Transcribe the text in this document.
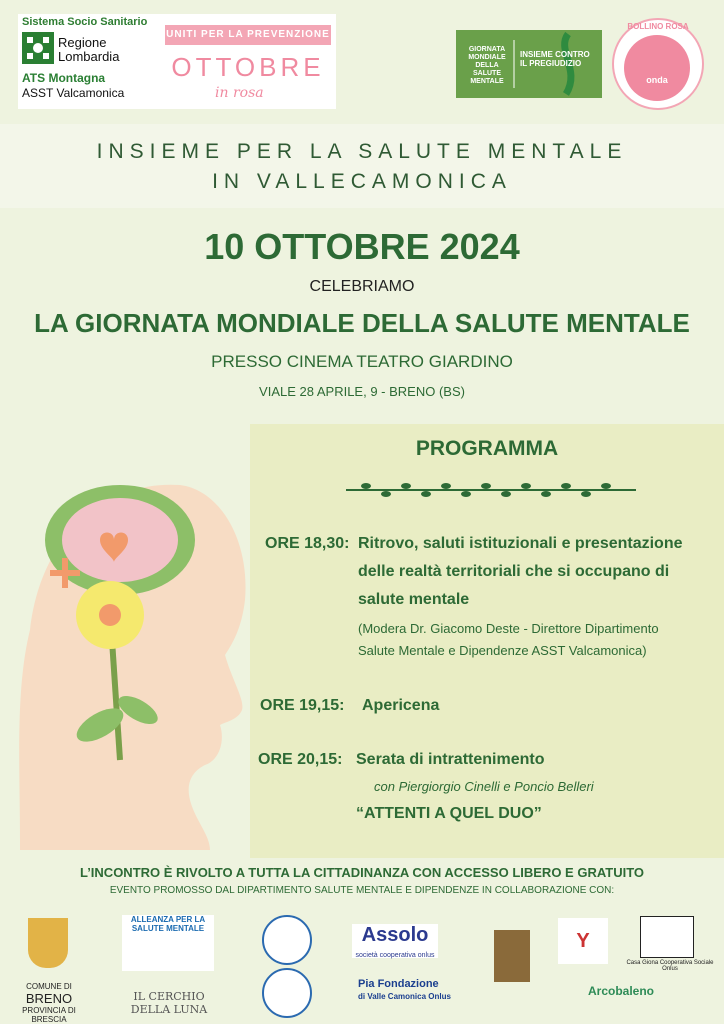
Sistema Socio Sanitario
Regione
Lombardia
ATS Montagna
ASST Valcamonica
UNITI PER LA PREVENZIONE
OTTOBRE
in rosa
GIORNATA MONDIALE DELLA SALUTE MENTALE
INSIEME CONTRO IL PREGIUDIZIO
BOLLINO ROSA
onda
INSIEME PER LA SALUTE MENTALE
IN VALLECAMONICA
10 OTTOBRE 2024
CELEBRIAMO
LA GIORNATA MONDIALE DELLA SALUTE MENTALE
PRESSO CINEMA TEATRO GIARDINO
VIALE 28 APRILE, 9 - BRENO (BS)
PROGRAMMA
ORE 18,30: Ritrovo, saluti istituzionali e presentazione
delle realtà territoriali che si occupano di
salute mentale
(Modera Dr. Giacomo Deste - Direttore Dipartimento
Salute Mentale e Dipendenze ASST Valcamonica)
ORE 19,15: Apericena
ORE 20,15: Serata di intrattenimento
con Piergiorgio Cinelli e Poncio Belleri
“ATTENTI A QUEL DUO”
L’INCONTRO È RIVOLTO A TUTTA LA CITTADINANZA CON ACCESSO LIBERO E GRATUITO
EVENTO PROMOSSO DAL DIPARTIMENTO SALUTE MENTALE E DIPENDENZE IN COLLABORAZIONE CON:
COMUNE DI
BRENO
PROVINCIA DI BRESCIA
ALLEANZA PER LA SALUTE MENTALE
IL CERCHIO DELLA LUNA
Assolo
società cooperativa onlus
Pia Fondazione
di Valle Camonica Onlus
Y
Arcobaleno
Casa Giona Cooperativa Sociale Onlus
